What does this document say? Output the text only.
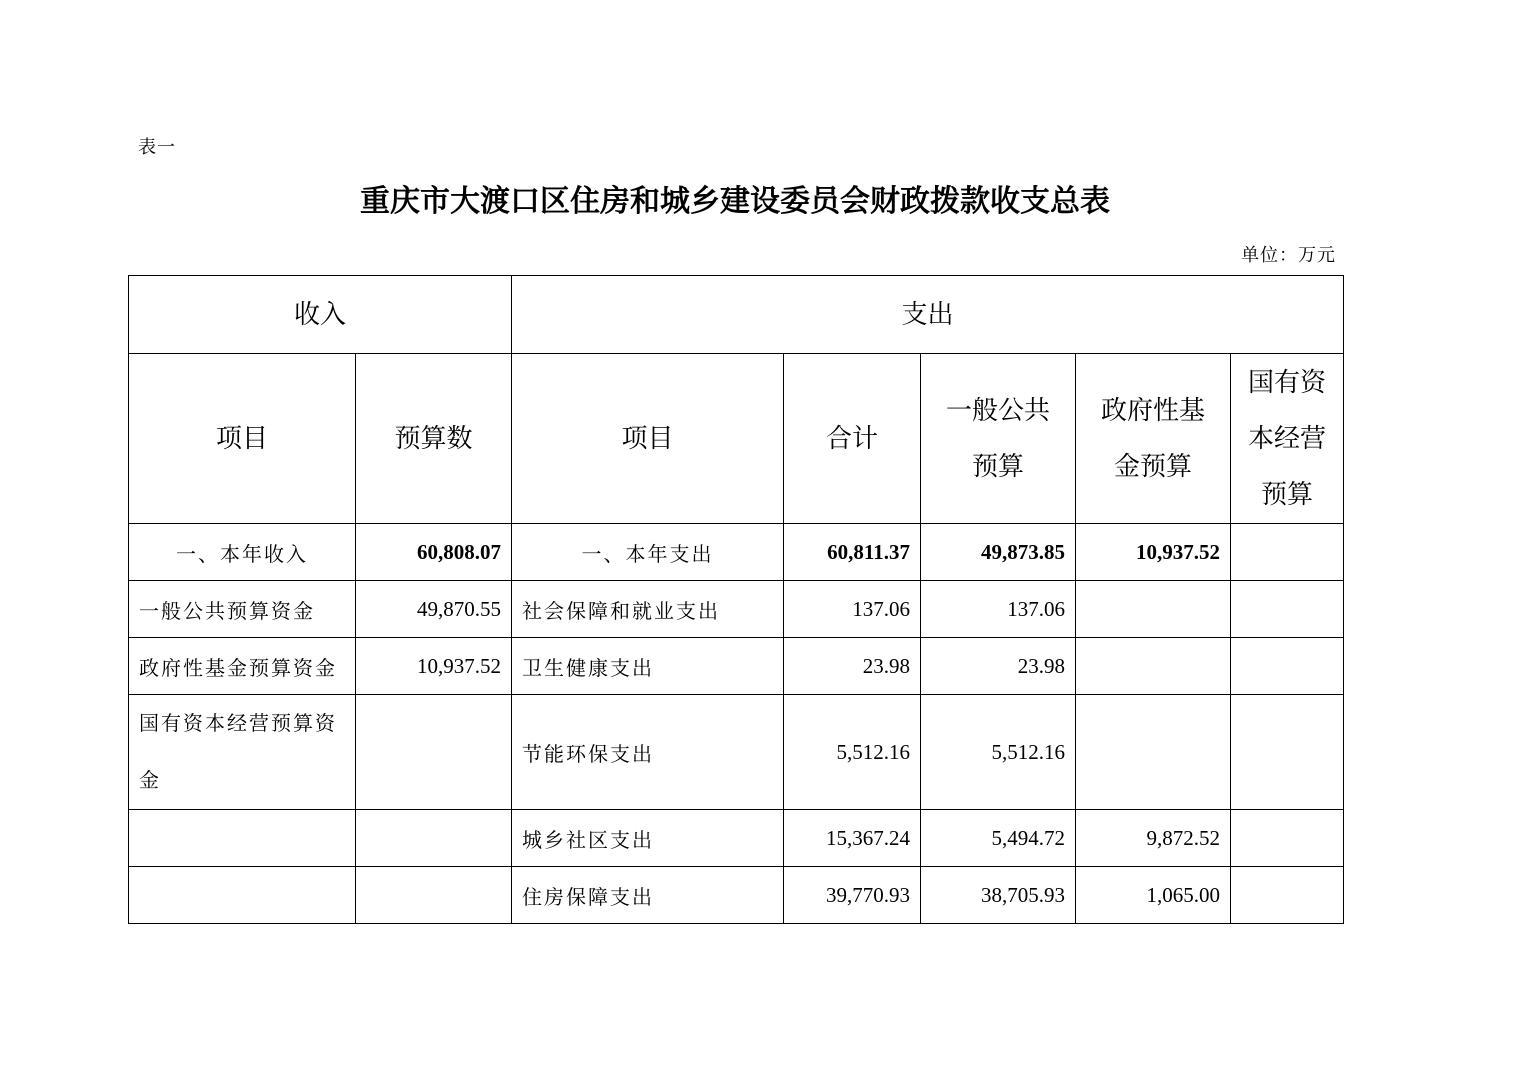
表一
重庆市大渡口区住房和城乡建设委员会财政拨款收支总表
单位：万元
收入		支出				
项目	预算数	项目	合计	一般公共预算	政府性基金预算	国有资本经营预算
一、本年收入	60,808.07	一、本年支出	60,811.37	49,873.85	10,937.52	
一般公共预算资金	49,870.55	社会保障和就业支出	137.06	137.06		
政府性基金预算资金	10,937.52	卫生健康支出	23.98	23.98		
国有资本经营预算资金		节能环保支出	5,512.16	5,512.16		
		城乡社区支出	15,367.24	5,494.72	9,872.52	
		住房保障支出	39,770.93	38,705.93	1,065.00	
